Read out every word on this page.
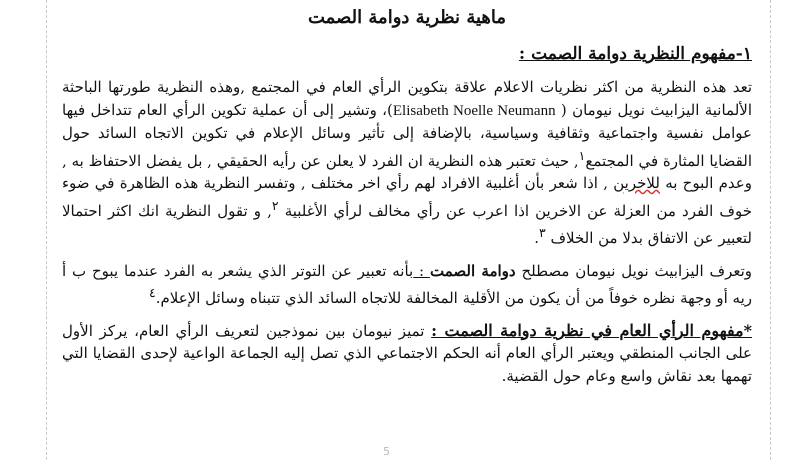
ماهية نظرية دوامة الصمت
١-مفهوم النظرية دوامة الصمت :

تعد هذه النظرية من اكثر نظريات الاعلام علاقة بتكوين الرأي العام في المجتمع ,وهذه النظرية طورتها الباحثة الألمانية اليزابيث نويل نيومان ( Elisabeth Noelle Neumann)، وتشير إلى أن عملية تكوين الرأي العام تتداخل فيها عوامل نفسية واجتماعية وثقافية وسياسية، بالإضافة إلى تأثير وسائل الإعلام في تكوين الاتجاه السائد حول القضايا المثارة في المجتمع$^١$, حيث تعتبر هذه النظرية ان الفرد لا يعلن عن رأيه الحقيقي , بل يفضل الاحتفاظ به , وعدم البوح به للاخرين , اذا شعر بأن أغلبية الافراد لهم رأي اخر مختلف , وتفسر النظرية هذه الظاهرة في ضوء خوف الفرد من العزلة عن الاخرين اذا اعرب عن رأي مخالف لرأي الأغلبية $^٢$, و تقول النظرية انك اكثر احتمالا لتعبير عن الاتفاق بدلا من الخلاف $^٣$.

وتعرف اليزابيث نويل نيومان مصطلح دوامة الصمت : بأنه تعبير عن التوتر الذي يشعر به الفرد عندما يبوح ب أ ريه أو وجهة نظره خوفاً من أن يكون من الأقلية المخالفة للاتجاه السائد الذي تتبناه وسائل الإعلام.$^٤$

*مفهوم الرأي العام في نظرية دوامة الصمت : تميز نيومان بين نموذجين لتعريف الرأي العام، يركز الأول على الجانب المنطقي ويعتبر الرأي العام أنه الحكم الاجتماعي الذي تصل إليه الجماعة الواعية لإحدى القضايا التي تهمها بعد نقاش واسع وعام حول القضية.

5
